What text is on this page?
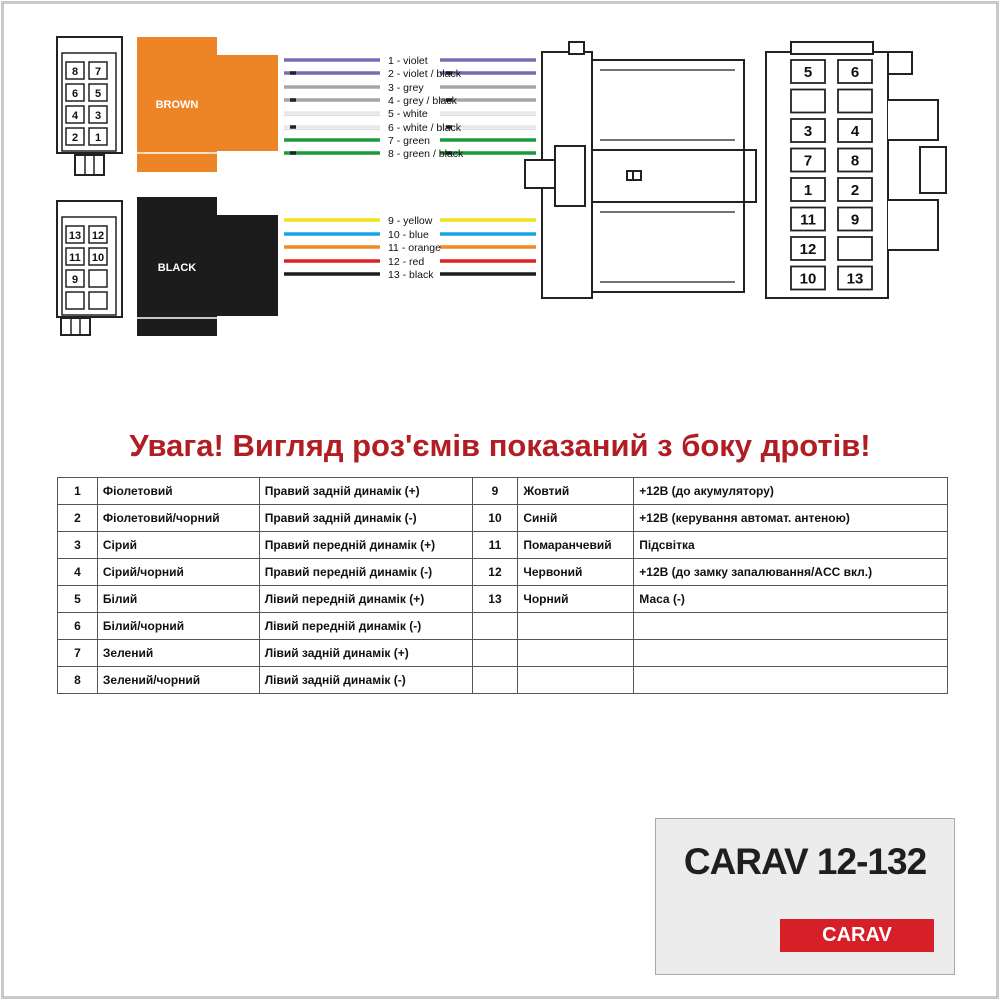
8 7
6 5
4 3
2 1
BROWN
13 12
11 10
9
BLACK
1 - violet
2 - violet / black
3 - grey
4 - grey / black
5 - white
6 - white / black
7 - green
8 - green / black
9 - yellow
10 - blue
11 - orange
12 - red
13 - black
5	6
3	4
7	8
1	2
11 9
12
10 13
Увага! Вигляд роз'ємів показаний з боку дротів!
1	Фіолетовий	Правий задній динамік (+)	9	Жовтий	+12В (до акумулятору)
2	Фіолетовий/чорний	Правий задній динамік (-)	10	Синій	+12В (керування автомат. антеною)
3	Сірий	Правий передній динамік (+)	11	Помаранчевий	Підсвітка
4	Сірий/чорний	Правий передній динамік (-)	12	Червоний	+12В (до замку запалювання/ACC вкл.)
5	Білий	Лівий передній динамік (+)	13	Чорний	Маса (-)
6	Білий/чорний	Лівий передній динамік (-)			
7	Зелений	Лівий задній динамік (+)			
8	Зелений/чорний	Лівий задній динамік (-)			
CARAV 12-132
CARAV
